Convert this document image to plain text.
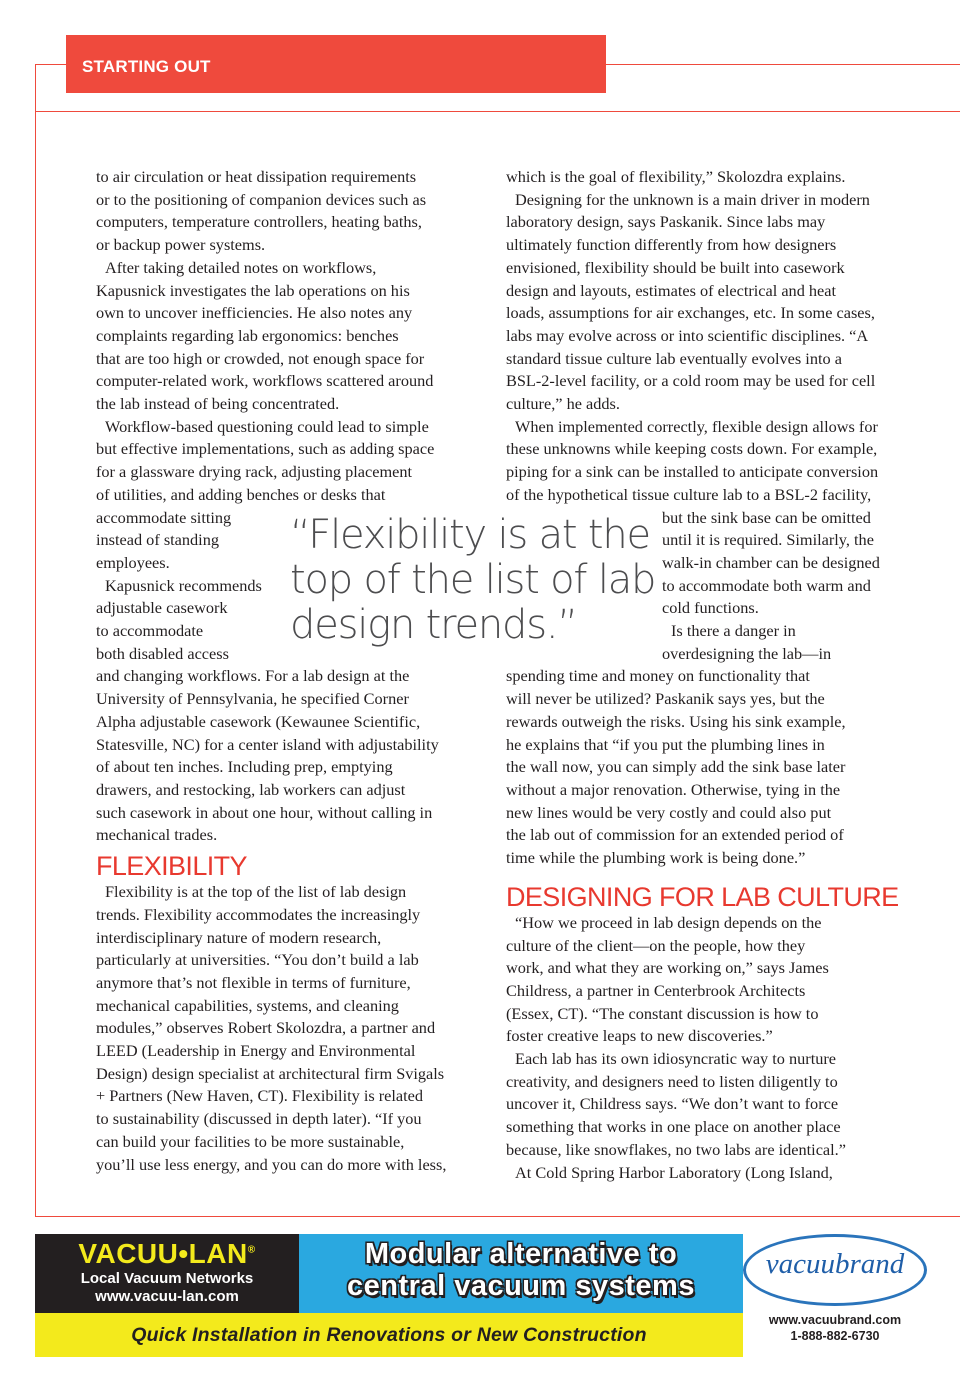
STARTING OUT
to air circulation or heat dissipation requirements
or to the positioning of companion devices such as
computers, temperature controllers, heating baths,
or backup power systems.
After taking detailed notes on workflows,
Kapusnick investigates the lab operations on his
own to uncover inefficiencies. He also notes any
complaints regarding lab ergonomics: benches
that are too high or crowded, not enough space for
computer-related work, workflows scattered around
the lab instead of being concentrated.
Workflow-based questioning could lead to simple
but effective implementations, such as adding space
for a glassware drying rack, adjusting placement
of utilities, and adding benches or desks that
accommodate sitting
instead of standing
employees.
Kapusnick recommends
adjustable casework
to accommodate
both disabled access
and changing workflows. For a lab design at the
University of Pennsylvania, he specified Corner
Alpha adjustable casework (Kewaunee Scientific,
Statesville, NC) for a center island with adjustability
of about ten inches. Including prep, emptying
drawers, and restocking, lab workers can adjust
such casework in about one hour, without calling in
mechanical trades.
FLEXIBILITY
Flexibility is at the top of the list of lab design
trends. Flexibility accommodates the increasingly
interdisciplinary nature of modern research,
particularly at universities. “You don’t build a lab
anymore that’s not flexible in terms of furniture,
mechanical capabilities, systems, and cleaning
modules,” observes Robert Skolozdra, a partner and
LEED (Leadership in Energy and Environmental
Design) design specialist at architectural firm Svigals
+ Partners (New Haven, CT). Flexibility is related
to sustainability (discussed in depth later). “If you
can build your facilities to be more sustainable,
you’ll use less energy, and you can do more with less,
“Flexibility is at the
top of the list of lab
design trends.”
which is the goal of flexibility,” Skolozdra explains.
Designing for the unknown is a main driver in modern
laboratory design, says Paskanik. Since labs may
ultimately function differently from how designers
envisioned, flexibility should be built into casework
design and layouts, estimates of electrical and heat
loads, assumptions for air exchanges, etc. In some cases,
labs may evolve across or into scientific disciplines. “A
standard tissue culture lab eventually evolves into a
BSL-2-level facility, or a cold room may be used for cell
culture,” he adds.
When implemented correctly, flexible design allows for
these unknowns while keeping costs down. For example,
piping for a sink can be installed to anticipate conversion
of the hypothetical tissue culture lab to a BSL-2 facility,
but the sink base can be omitted
until it is required. Similarly, the
walk-in chamber can be designed
to accommodate both warm and
cold functions.
Is there a danger in
overdesigning the lab—in
spending time and money on functionality that
will never be utilized? Paskanik says yes, but the
rewards outweigh the risks. Using his sink example,
he explains that “if you put the plumbing lines in
the wall now, you can simply add the sink base later
without a major renovation. Otherwise, tying in the
new lines would be very costly and could also put
the lab out of commission for an extended period of
time while the plumbing work is being done.”
DESIGNING FOR LAB CULTURE
“How we proceed in lab design depends on the
culture of the client—on the people, how they
work, and what they are working on,” says James
Childress, a partner in Centerbrook Architects
(Essex, CT). “The constant discussion is how to
foster creative leaps to new discoveries.”
Each lab has its own idiosyncratic way to nurture
creativity, and designers need to listen diligently to
uncover it, Childress says. “We don’t want to force
something that works in one place on another place
because, like snowflakes, no two labs are identical.”
At Cold Spring Harbor Laboratory (Long Island,
VACUU•LAN®
Local Vacuum Networks
www.vacuu-lan.com
Modular alternative to
central vacuum systems
Quick Installation in Renovations or New Construction
vacuubrand
www.vacuubrand.com
1-888-882-6730
